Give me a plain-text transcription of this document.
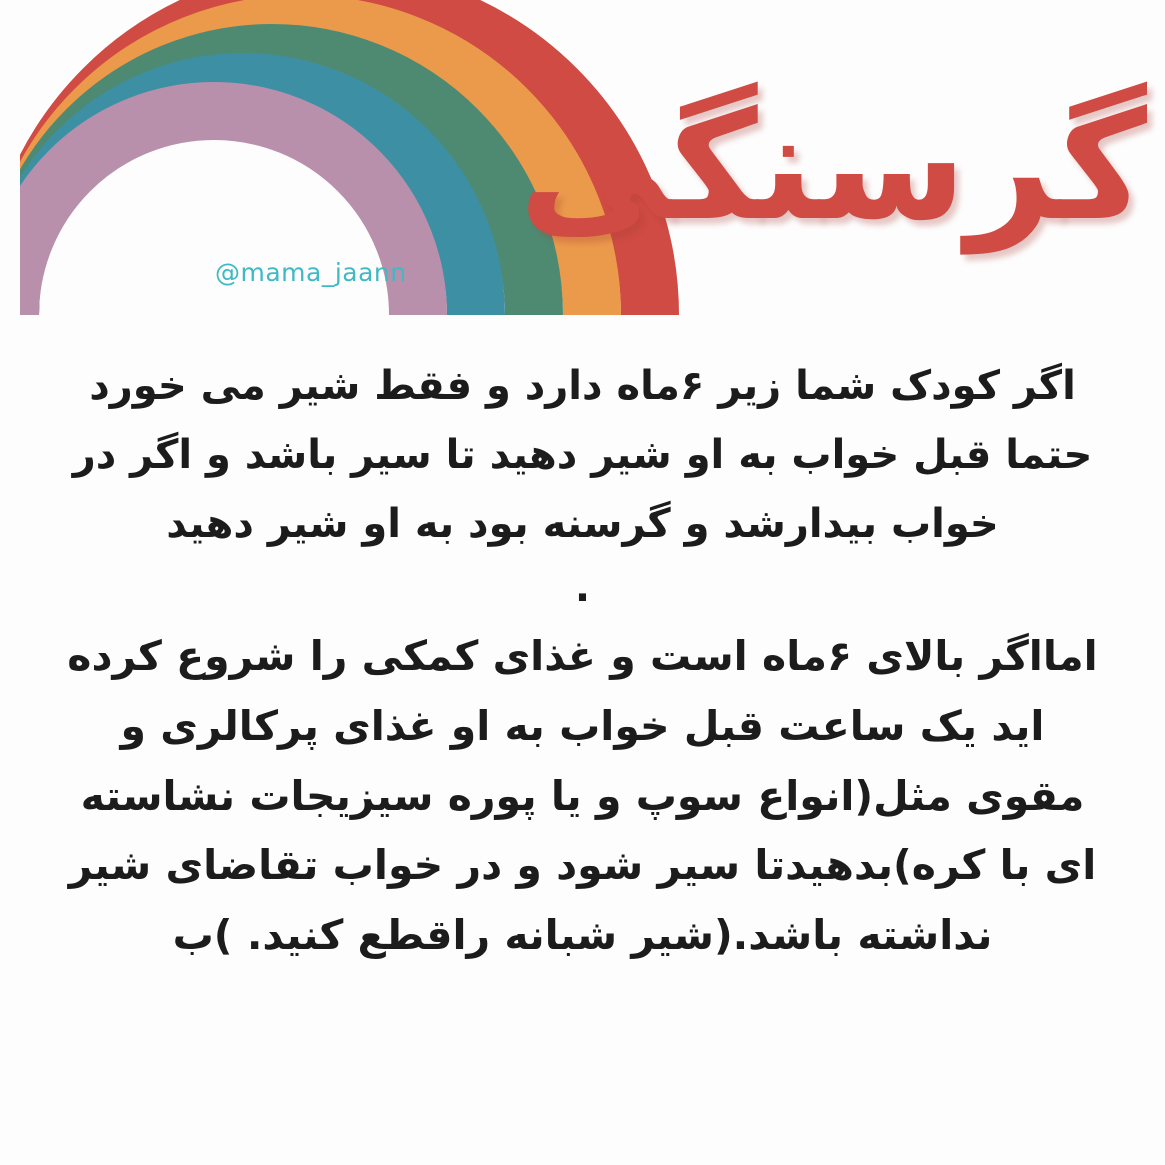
@mama_jaann
گرسنگی

اگر کودک شما زیر ۶ماه دارد و فقط شیر می خورد حتما قبل خواب به او شیر دهید تا سیر باشد و اگر در خواب بیدارشد و گرسنه بود به او شیر دهید

.

امااگر بالای ۶ماه است و غذای کمکی را شروع کرده اید یک ساعت قبل خواب به او غذای پرکالری و مقوی مثل(انواع سوپ و یا پوره سیزیجات نشاسته ای با کره)بدهیدتا سیر شود و در خواب تقاضای شیر نداشته باشد.(شیر شبانه راقطع کنید. )ب
